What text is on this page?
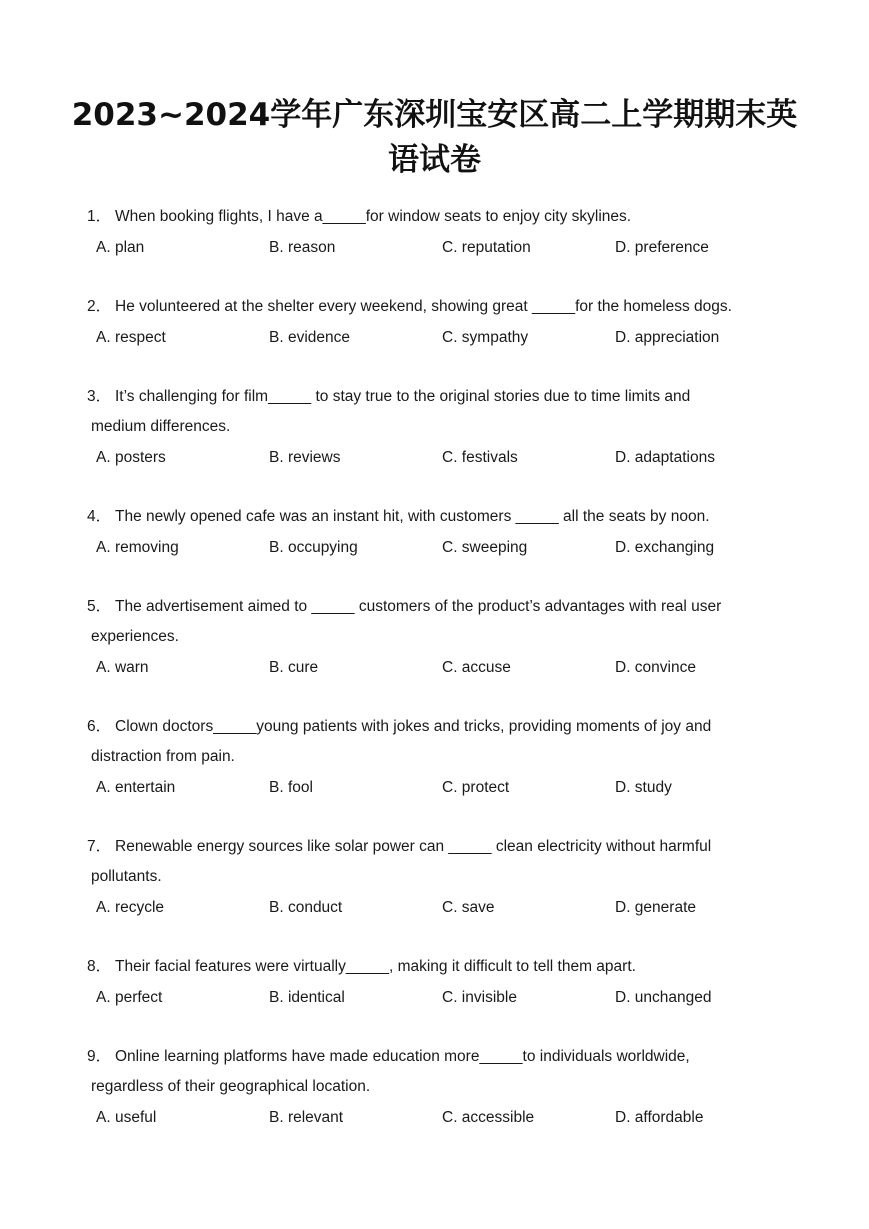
2023~2024学年广东深圳宝安区高二上学期期末英
语试卷
1． When booking flights, I have a_____for window seats to enjoy city skylines.
A. plan	B. reason	C. reputation	D. preference
2． He volunteered at the shelter every weekend, showing great _____for the homeless dogs.
A. respect	B. evidence	C. sympathy	D. appreciation
3． It’s challenging for film_____ to stay true to the original stories due to time limits and
medium differences.
A. posters	B. reviews	C. festivals	D. adaptations
4． The newly opened cafe was an instant hit, with customers _____ all the seats by noon.
A. removing	B. occupying	C. sweeping	D. exchanging
5． The advertisement aimed to _____ customers of the product’s advantages with real user
experiences.
A. warn	B. cure	C. accuse	D. convince
6． Clown doctors_____young patients with jokes and tricks, providing moments of joy and
distraction from pain.
A. entertain	B. fool	C. protect	D. study
7． Renewable energy sources like solar power can _____ clean electricity without harmful
pollutants.
A. recycle	B. conduct	C. save	D. generate
8． Their facial features were virtually_____, making it difficult to tell them apart.
A. perfect	B. identical	C. invisible	D. unchanged
9． Online learning platforms have made education more_____to individuals worldwide,
regardless of their geographical location.
A. useful	B. relevant	C. accessible	D. affordable
